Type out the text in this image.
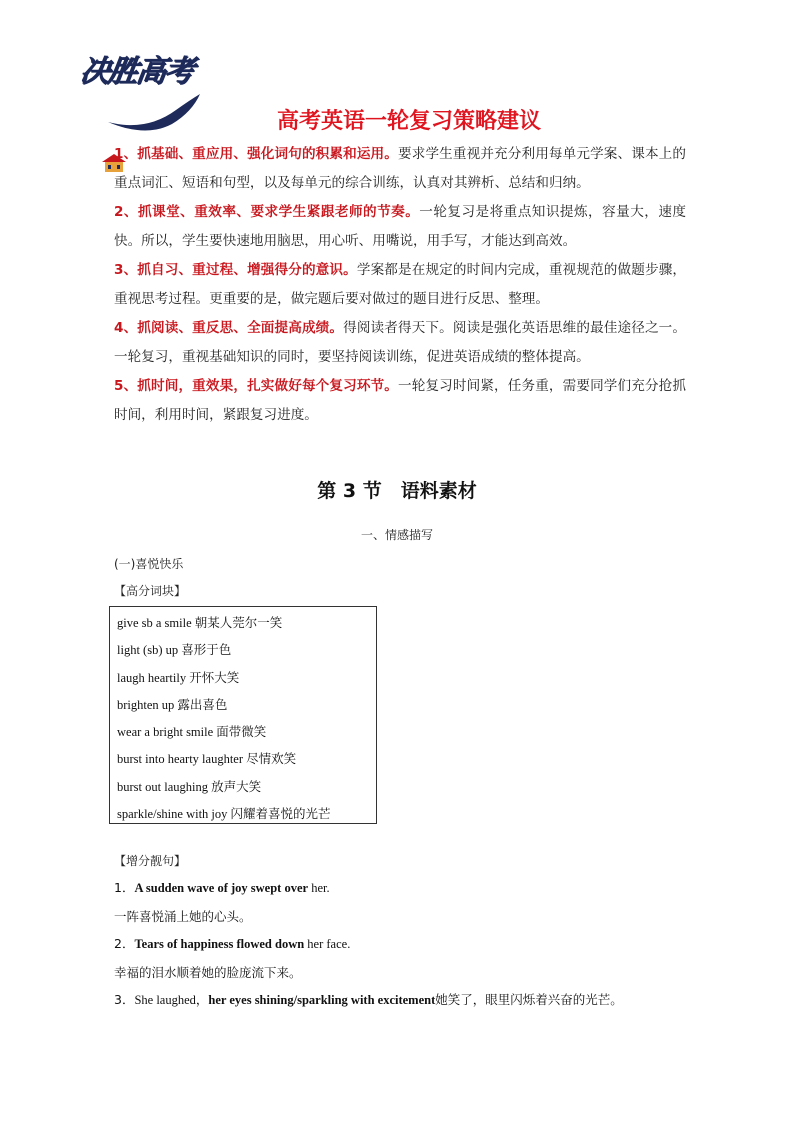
决胜高考
高考英语一轮复习策略建议

1、抓基础、重应用、强化词句的积累和运用。要求学生重视并充分利用每单元学案、课本上的重点词汇、短语和句型，以及每单元的综合训练，认真对其辨析、总结和归纳。

2、抓课堂、重效率、要求学生紧跟老师的节奏。一轮复习是将重点知识提炼，容量大，速度快。所以，学生要快速地用脑思，用心听、用嘴说，用手写，才能达到高效。

3、抓自习、重过程、增强得分的意识。学案都是在规定的时间内完成，重视规范的做题步骤，重视思考过程。更重要的是，做完题后要对做过的题目进行反思、整理。

4、抓阅读、重反思、全面提高成绩。得阅读者得天下。阅读是强化英语思维的最佳途径之一。一轮复习，重视基础知识的同时，要坚持阅读训练，促进英语成绩的整体提高。

5、抓时间，重效果，扎实做好每个复习环节。一轮复习时间紧，任务重，需要同学们充分抢抓时间，利用时间，紧跟复习进度。

第 3 节　语料素材
一、情感描写
(一)喜悦快乐
【高分词块】
give sb a smile 朝某人莞尔一笑
light (sb) up 喜形于色
laugh heartily 开怀大笑
brighten up 露出喜色
wear a bright smile 面带微笑
burst into hearty laughter 尽情欢笑
burst out laughing 放声大笑
sparkle/shine with joy 闪耀着喜悦的光芒
【增分靓句】

1．A sudden wave of joy swept over her.

一阵喜悦涌上她的心头。

2．Tears of happiness flowed down her face.

幸福的泪水顺着她的脸庞流下来。

3．She laughed，her eyes shining/sparkling with excitement她笑了，眼里闪烁着兴奋的光芒。
